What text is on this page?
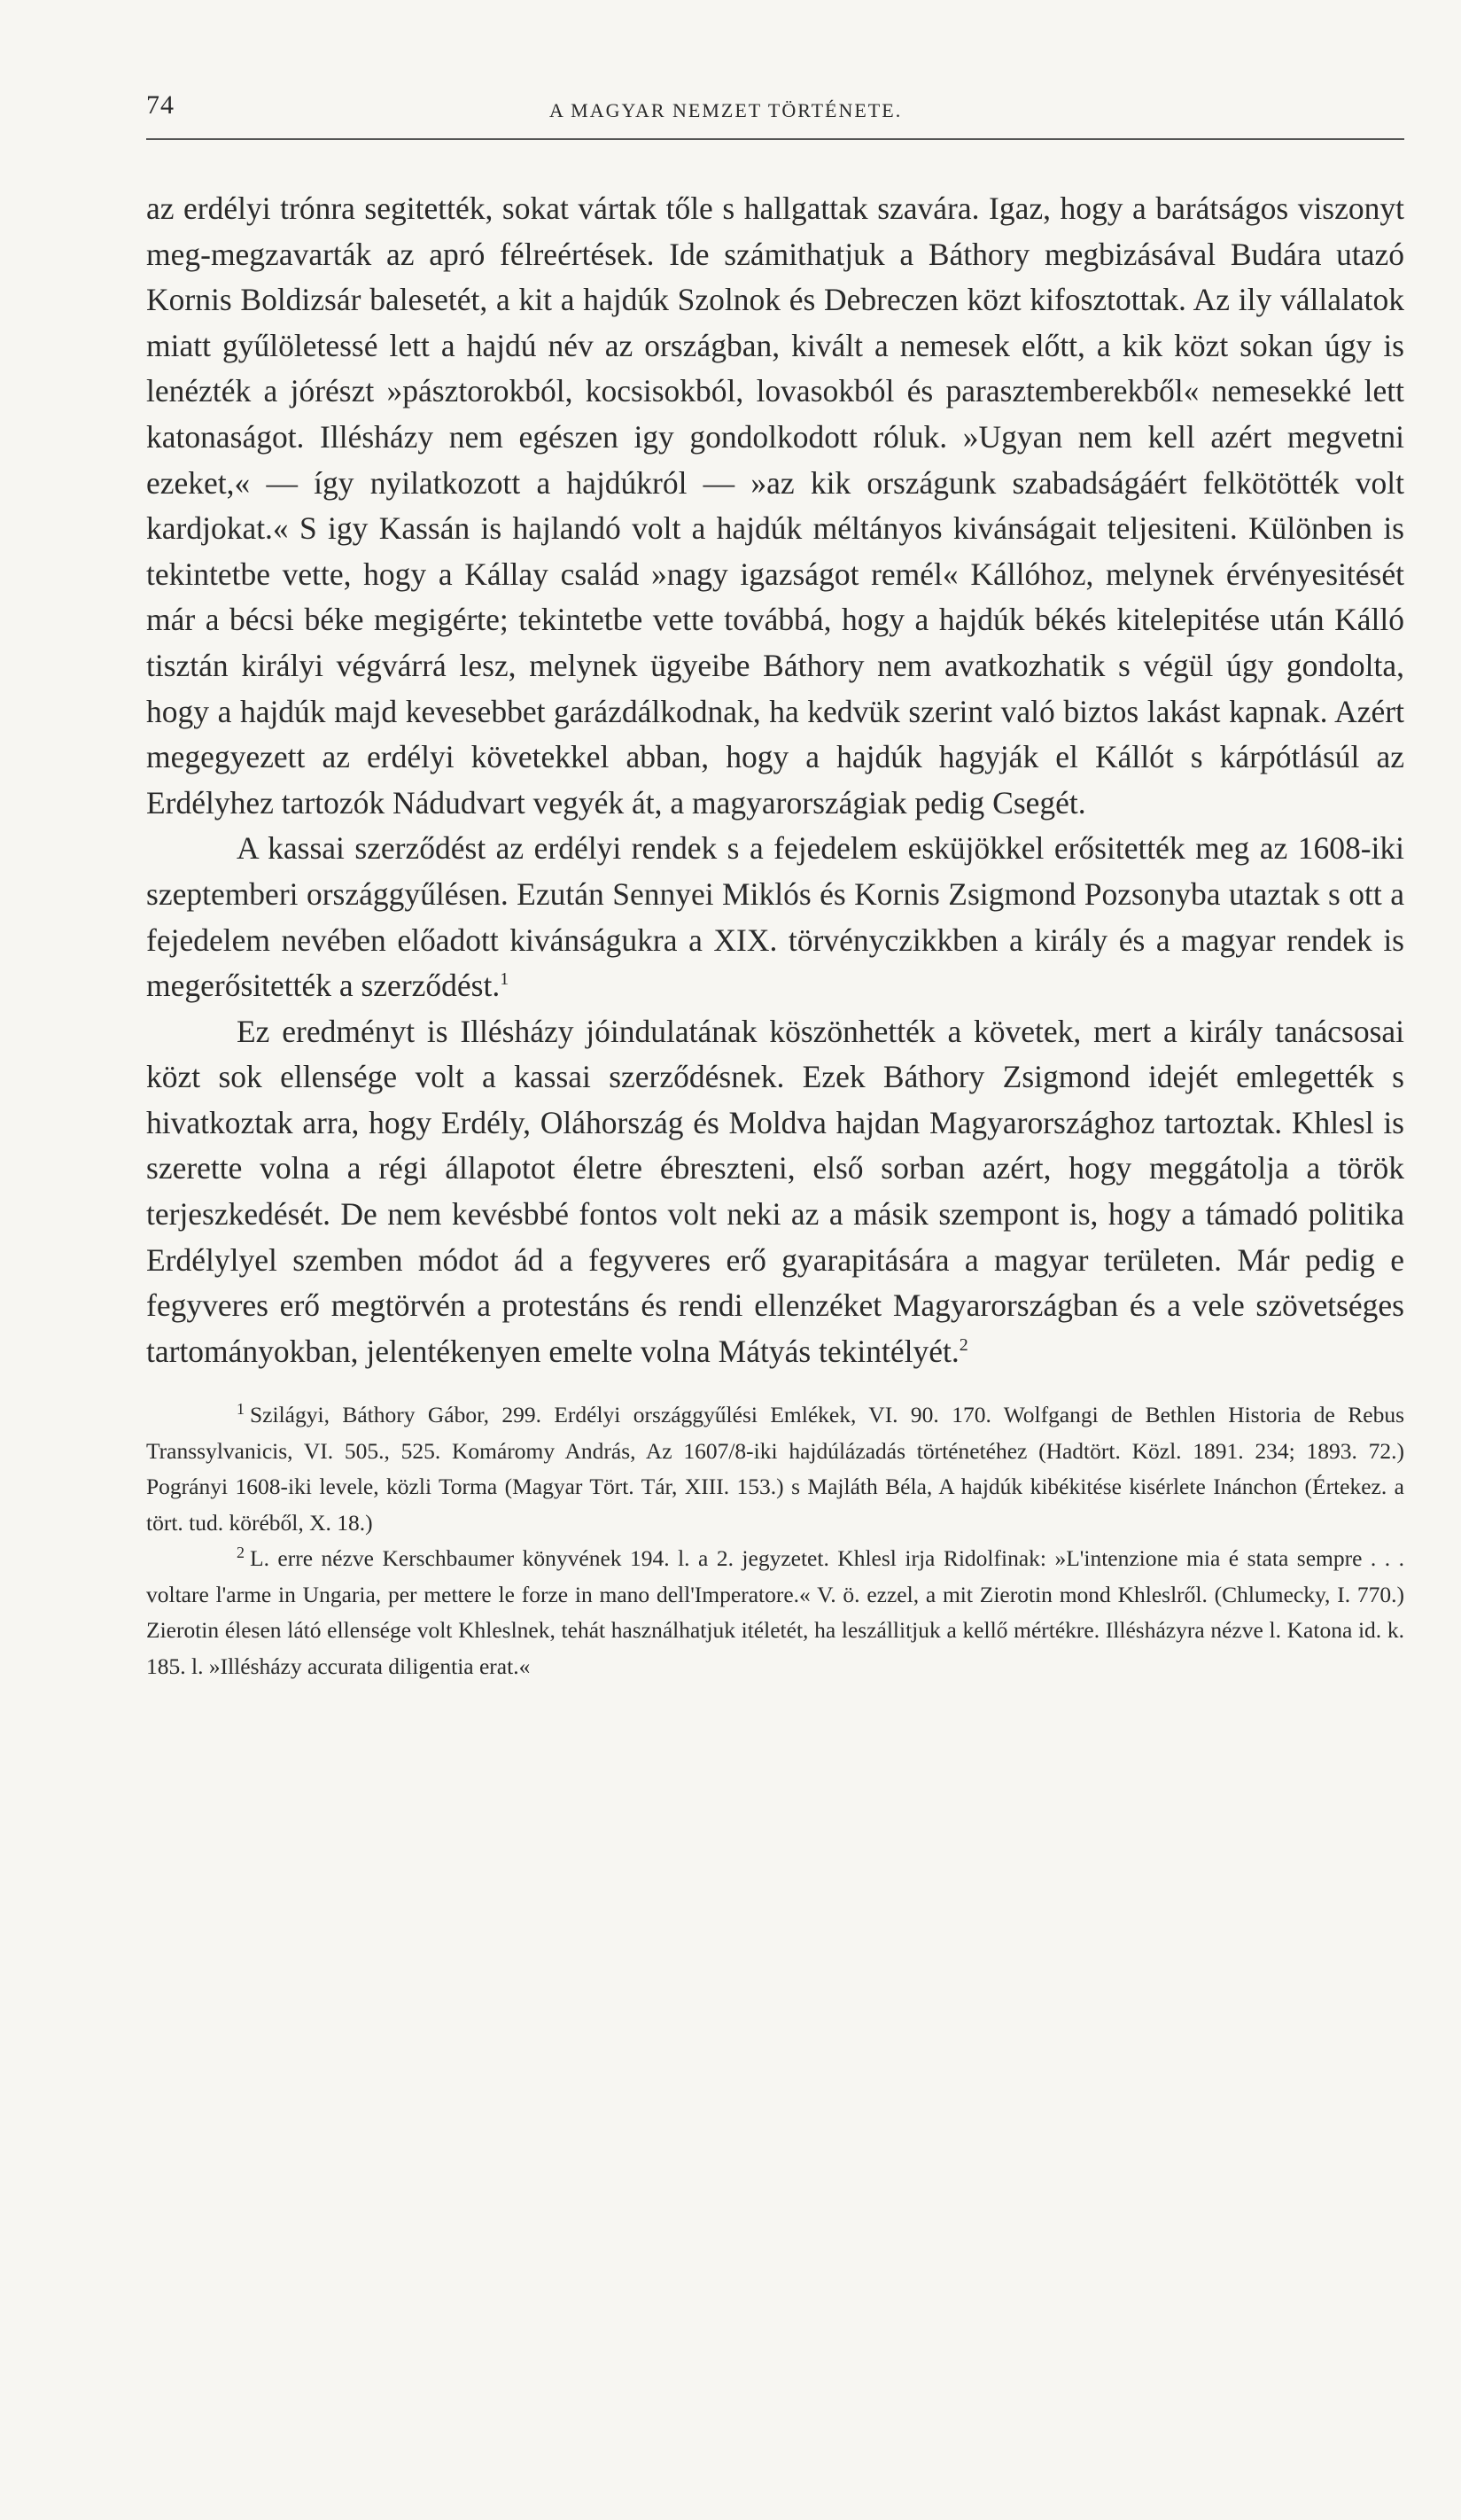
74	A MAGYAR NEMZET TÖRTÉNETE.

az erdélyi trónra segitették, sokat vártak tőle s hallgattak szavára. Igaz, hogy a barátságos viszonyt meg-megzavarták az apró félreértések. Ide számithatjuk a Báthory megbizásával Budára utazó Kornis Boldizsár balesetét, a kit a hajdúk Szolnok és Debreczen közt kifosztottak. Az ily vállalatok miatt gyűlöletessé lett a hajdú név az országban, kivált a nemesek előtt, a kik közt sokan úgy is lenézték a jórészt »pásztorokból, kocsisokból, lovasokból és parasztemberekből« nemesekké lett katonaságot. Illésházy nem egészen igy gondolkodott róluk. »Ugyan nem kell azért megvetni ezeket,« — így nyilatkozott a hajdúkról — »az kik országunk szabadságáért felkötötték volt kardjokat.« S igy Kassán is hajlandó volt a hajdúk méltányos kivánságait teljesiteni. Különben is tekintetbe vette, hogy a Kállay család »nagy igazságot remél« Kállóhoz, melynek érvényesitését már a bécsi béke megigérte; tekintetbe vette továbbá, hogy a hajdúk békés kitelepitése után Kálló tisztán királyi végvárrá lesz, melynek ügyeibe Báthory nem avatkozhatik s végül úgy gondolta, hogy a hajdúk majd kevesebbet garázdálkodnak, ha kedvük szerint való biztos lakást kapnak. Azért megegyezett az erdélyi követekkel abban, hogy a hajdúk hagyják el Kállót s kárpótlásúl az Erdélyhez tartozók Nádudvart vegyék át, a magyarországiak pedig Csegét.

A kassai szerződést az erdélyi rendek s a fejedelem esküjökkel erősitették meg az 1608-iki szeptemberi országgyűlésen. Ezután Sennyei Miklós és Kornis Zsigmond Pozsonyba utaztak s ott a fejedelem nevében előadott kivánságukra a XIX. törvényczikkben a király és a magyar rendek is megerősitették a szerződést.$^1$

Ez eredményt is Illésházy jóindulatának köszönhették a követek, mert a király tanácsosai közt sok ellensége volt a kassai szerződésnek. Ezek Báthory Zsigmond idejét emlegették s hivatkoztak arra, hogy Erdély, Oláhország és Moldva hajdan Magyarországhoz tartoztak. Khlesl is szerette volna a régi állapotot életre ébreszteni, első sorban azért, hogy meggátolja a török terjeszkedését. De nem kevésbbé fontos volt neki az a másik szempont is, hogy a támadó politika Erdélylyel szemben módot ád a fegyveres erő gyarapitására a magyar területen. Már pedig e fegyveres erő megtörvén a protestáns és rendi ellenzéket Magyarországban és a vele szövetséges tartományokban, jelentékenyen emelte volna Mátyás tekintélyét.$^2$

$^1$ Szilágyi, Báthory Gábor, 299. Erdélyi országgyűlési Emlékek, VI. 90. 170. Wolfgangi de Bethlen Historia de Rebus Transsylvanicis, VI. 505., 525. Komáromy András, Az 1607/8-iki hajdúlázadás történetéhez (Hadtört. Közl. 1891. 234; 1893. 72.) Pogrányi 1608-iki levele, közli Torma (Magyar Tört. Tár, XIII. 153.) s Majláth Béla, A hajdúk kibékitése kisérlete Inánchon (Értekez. a tört. tud. köréből, X. 18.)

$^2$ L. erre nézve Kerschbaumer könyvének 194. l. a 2. jegyzetet. Khlesl irja Ridolfinak: »L'intenzione mia é stata sempre . . . voltare l'arme in Ungaria, per mettere le forze in mano dell'Imperatore.« V. ö. ezzel, a mit Zierotin mond Khleslről. (Chlumecky, I. 770.) Zierotin élesen látó ellensége volt Khleslnek, tehát használhatjuk itéletét, ha leszállitjuk a kellő mértékre. Illésházyra nézve l. Katona id. k. 185. l. »Illésházy accurata diligentia erat.«
